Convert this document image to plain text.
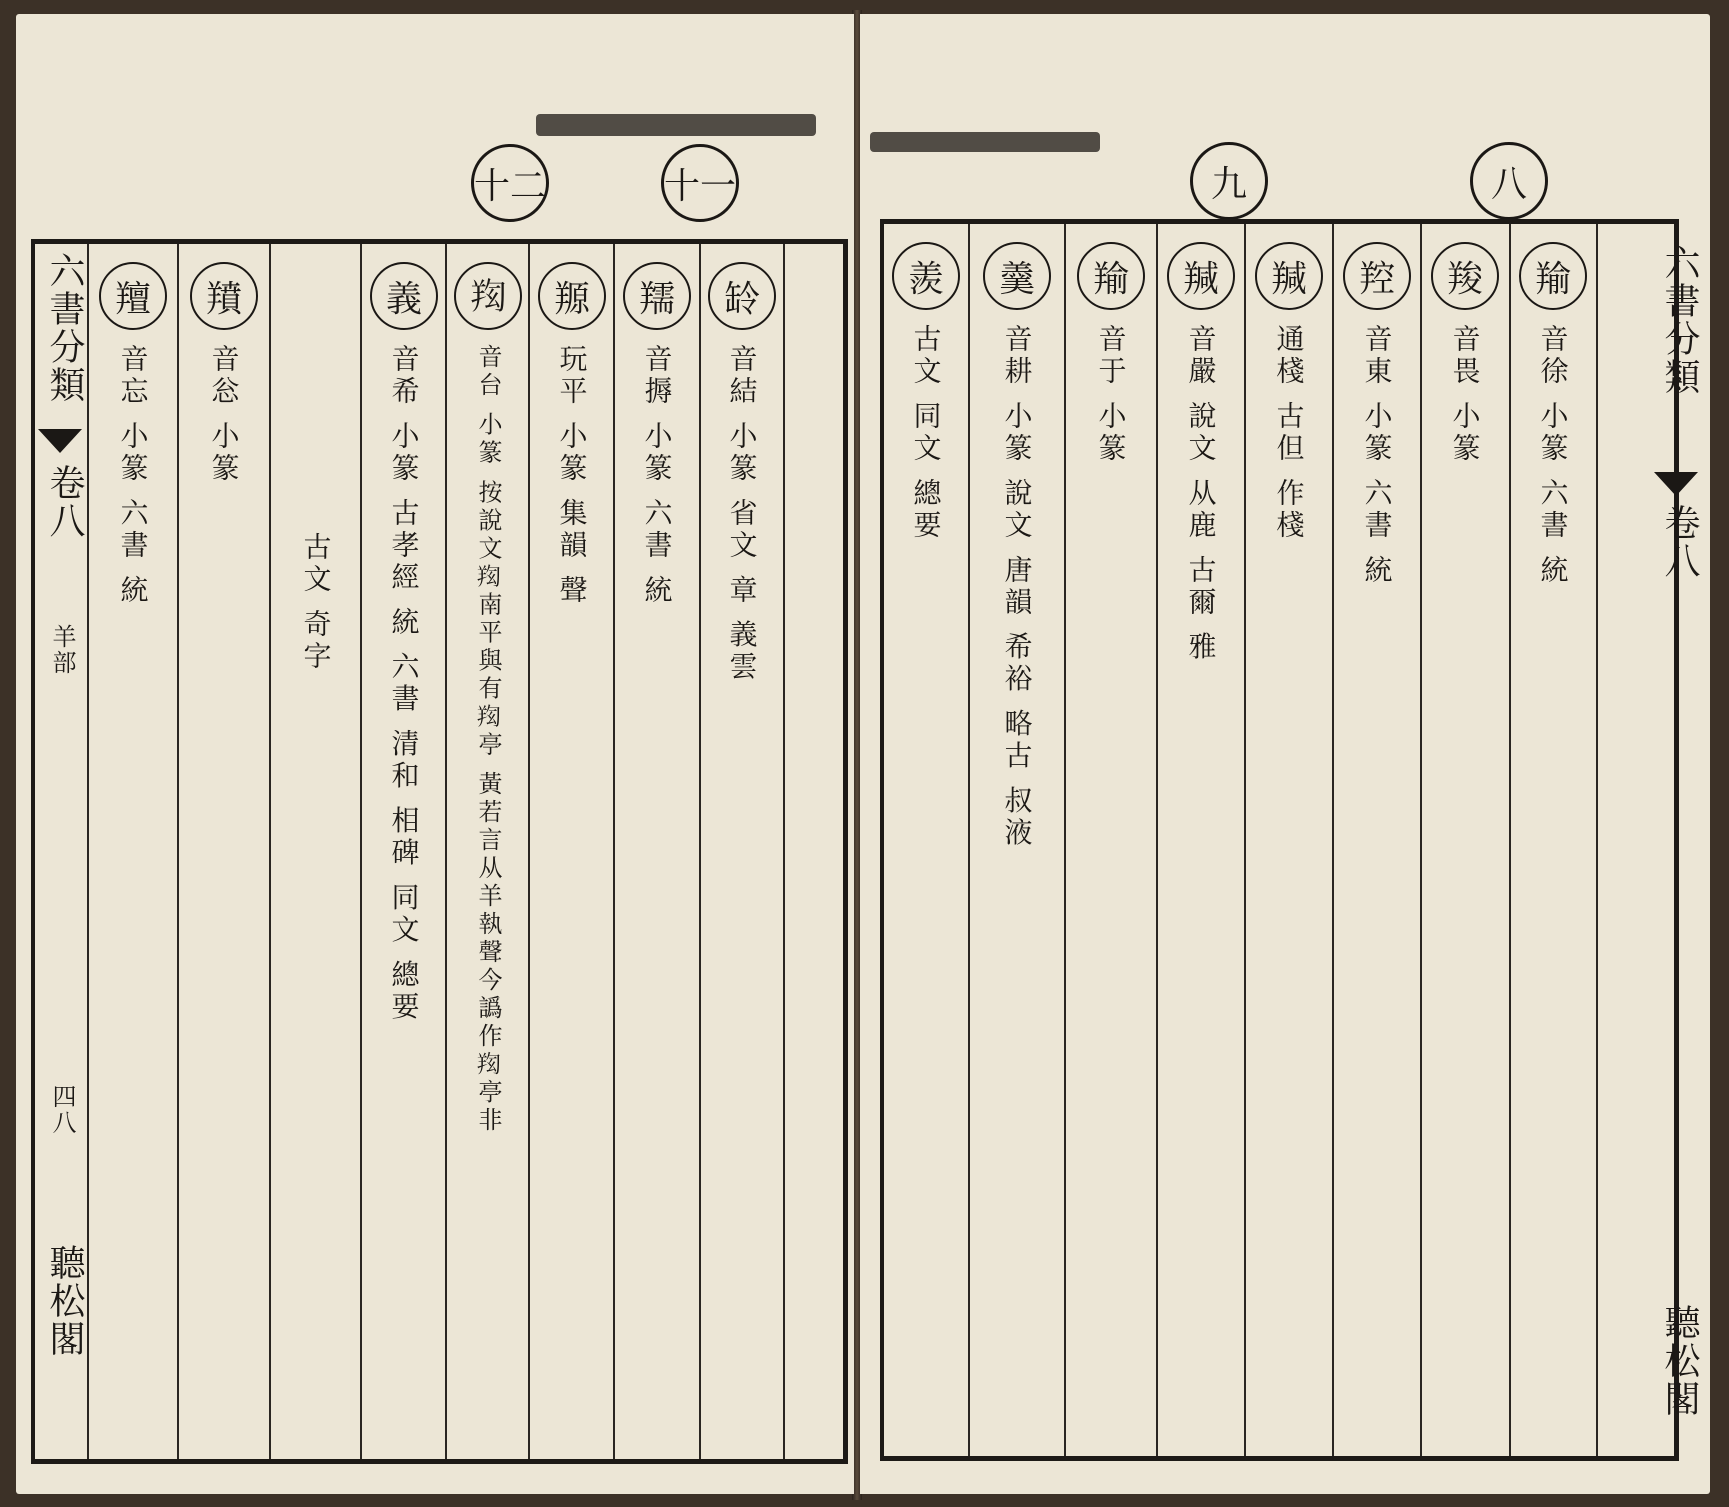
十二	十一
䍅
音結 小篆 省文 章 義雲
羺
音搙 小篆 六書 統
羱
玩平 小篆 集韻 聲
𦍿
音台 小篆 按說文𦍿南平與有𦍿亭 黃若言从羊執聲今譌作𦍿亭非
義
音希 小篆 古孝經 統 六書 清和 相碑 同文 總要
古文 奇字
羵
音忩 小篆
羶
音忘 小篆 六書 統
六書分類
卷八
羊部
四八
聽松閣
九	八
羭
音徐 小篆 六書 統
羧
音畏 小篆
羫
音東 小篆 六書 統
羬
通棧 古但 作棧
羬
音嚴 說文 从鹿 古爾 雅
羭
音于 小篆
羹
音耕 小篆 說文 唐韻 希裕 略古 叔液
羨
古文 同文 總要
六書分類
卷八
聽松閣
